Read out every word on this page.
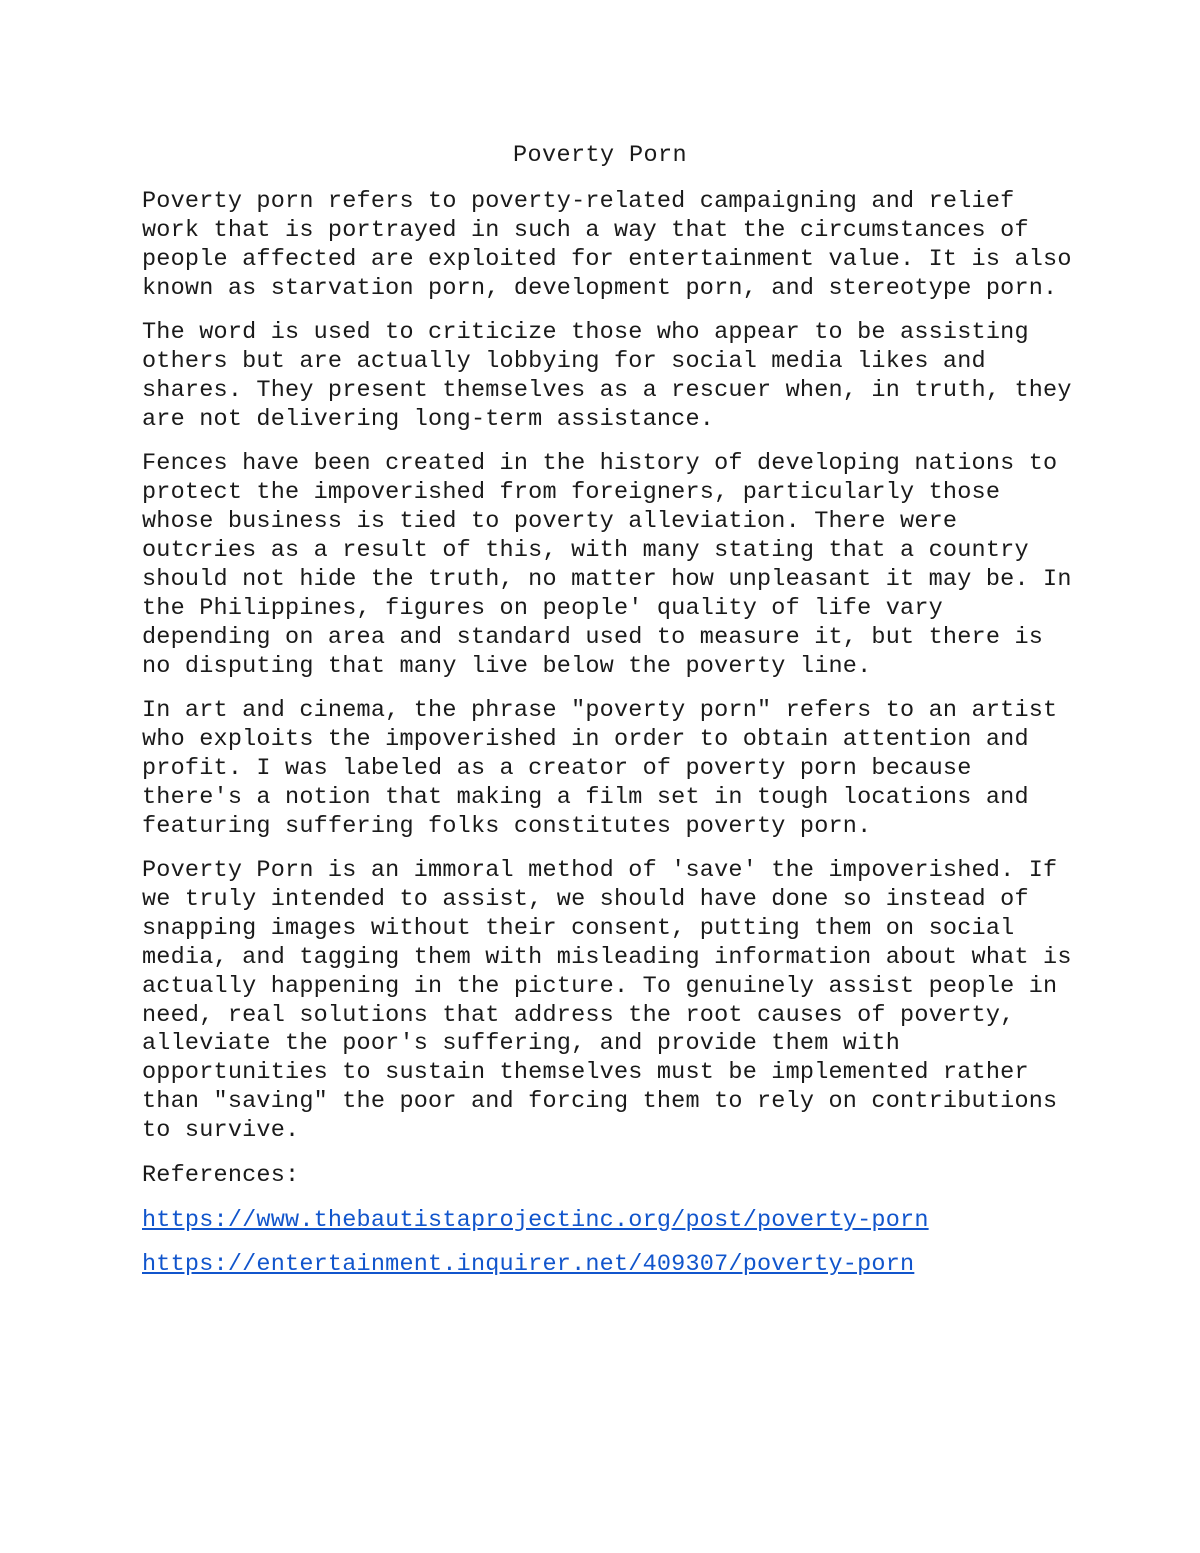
Poverty Porn

Poverty porn refers to poverty-related campaigning and relief
work that is portrayed in such a way that the circumstances of
people affected are exploited for entertainment value. It is also
known as starvation porn, development porn, and stereotype porn.

The word is used to criticize those who appear to be assisting
others but are actually lobbying for social media likes and
shares. They present themselves as a rescuer when, in truth, they
are not delivering long-term assistance.

Fences have been created in the history of developing nations to
protect the impoverished from foreigners, particularly those
whose business is tied to poverty alleviation. There were
outcries as a result of this, with many stating that a country
should not hide the truth, no matter how unpleasant it may be. In
the Philippines, figures on people' quality of life vary
depending on area and standard used to measure it, but there is
no disputing that many live below the poverty line.

In art and cinema, the phrase "poverty porn" refers to an artist
who exploits the impoverished in order to obtain attention and
profit. I was labeled as a creator of poverty porn because
there's a notion that making a film set in tough locations and
featuring suffering folks constitutes poverty porn.

Poverty Porn is an immoral method of 'save' the impoverished. If
we truly intended to assist, we should have done so instead of
snapping images without their consent, putting them on social
media, and tagging them with misleading information about what is
actually happening in the picture. To genuinely assist people in
need, real solutions that address the root causes of poverty,
alleviate the poor's suffering, and provide them with
opportunities to sustain themselves must be implemented rather
than "saving" the poor and forcing them to rely on contributions
to survive.

References:

https://www.thebautistaprojectinc.org/post/poverty-porn
https://entertainment.inquirer.net/409307/poverty-porn
